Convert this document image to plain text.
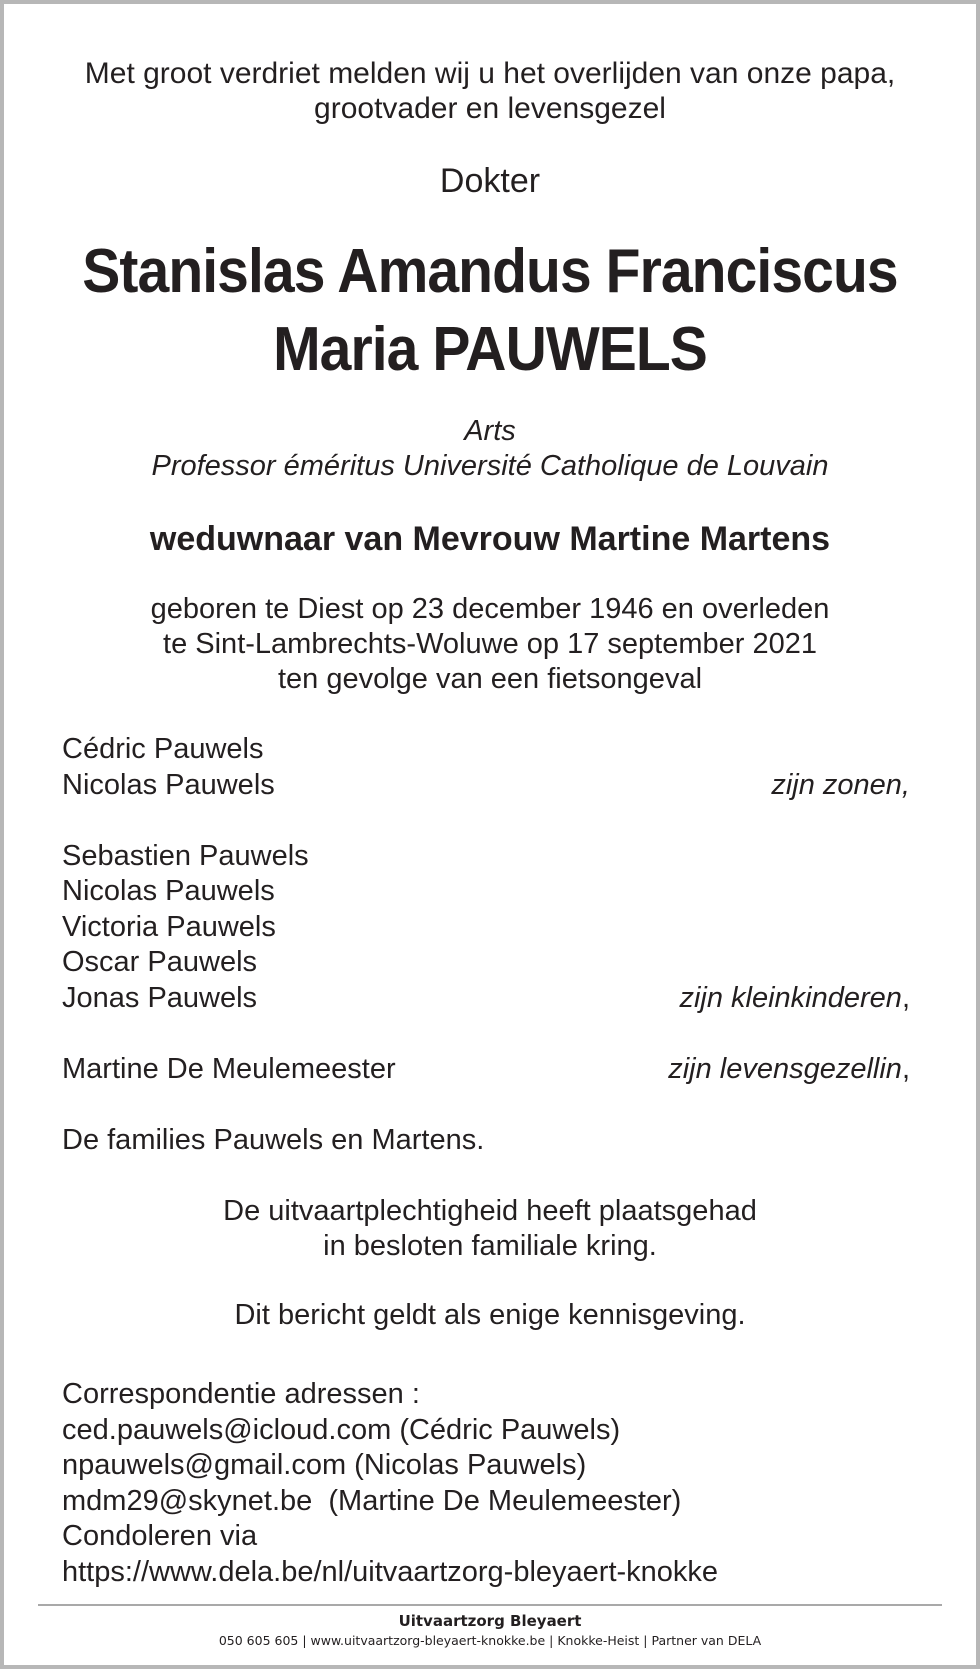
Met groot verdriet melden wij u het overlijden van onze papa,
grootvader en levensgezel
Dokter
Stanislas Amandus Franciscus
Maria PAUWELS
Arts
Professor éméritus Université Catholique de Louvain
weduwnaar van Mevrouw Martine Martens
geboren te Diest op 23 december 1946 en overleden
te Sint-Lambrechts-Woluwe op 17 september 2021
ten gevolge van een fietsongeval
Cédric Pauwels
Nicolas Pauwels	zijn zonen,
Sebastien Pauwels
Nicolas Pauwels
Victoria Pauwels
Oscar Pauwels
Jonas Pauwels	zijn kleinkinderen,
Martine De Meulemeester	zijn levensgezellin,
De families Pauwels en Martens.
De uitvaartplechtigheid heeft plaatsgehad
in besloten familiale kring.
Dit bericht geldt als enige kennisgeving.
Correspondentie adressen :
ced.pauwels@icloud.com (Cédric Pauwels)
npauwels@gmail.com (Nicolas Pauwels)
mdm29@skynet.be  (Martine De Meulemeester)
Condoleren via
https://www.dela.be/nl/uitvaartzorg-bleyaert-knokke
Uitvaartzorg Bleyaert
050 605 605 | www.uitvaartzorg-bleyaert-knokke.be | Knokke-Heist | Partner van DELA
